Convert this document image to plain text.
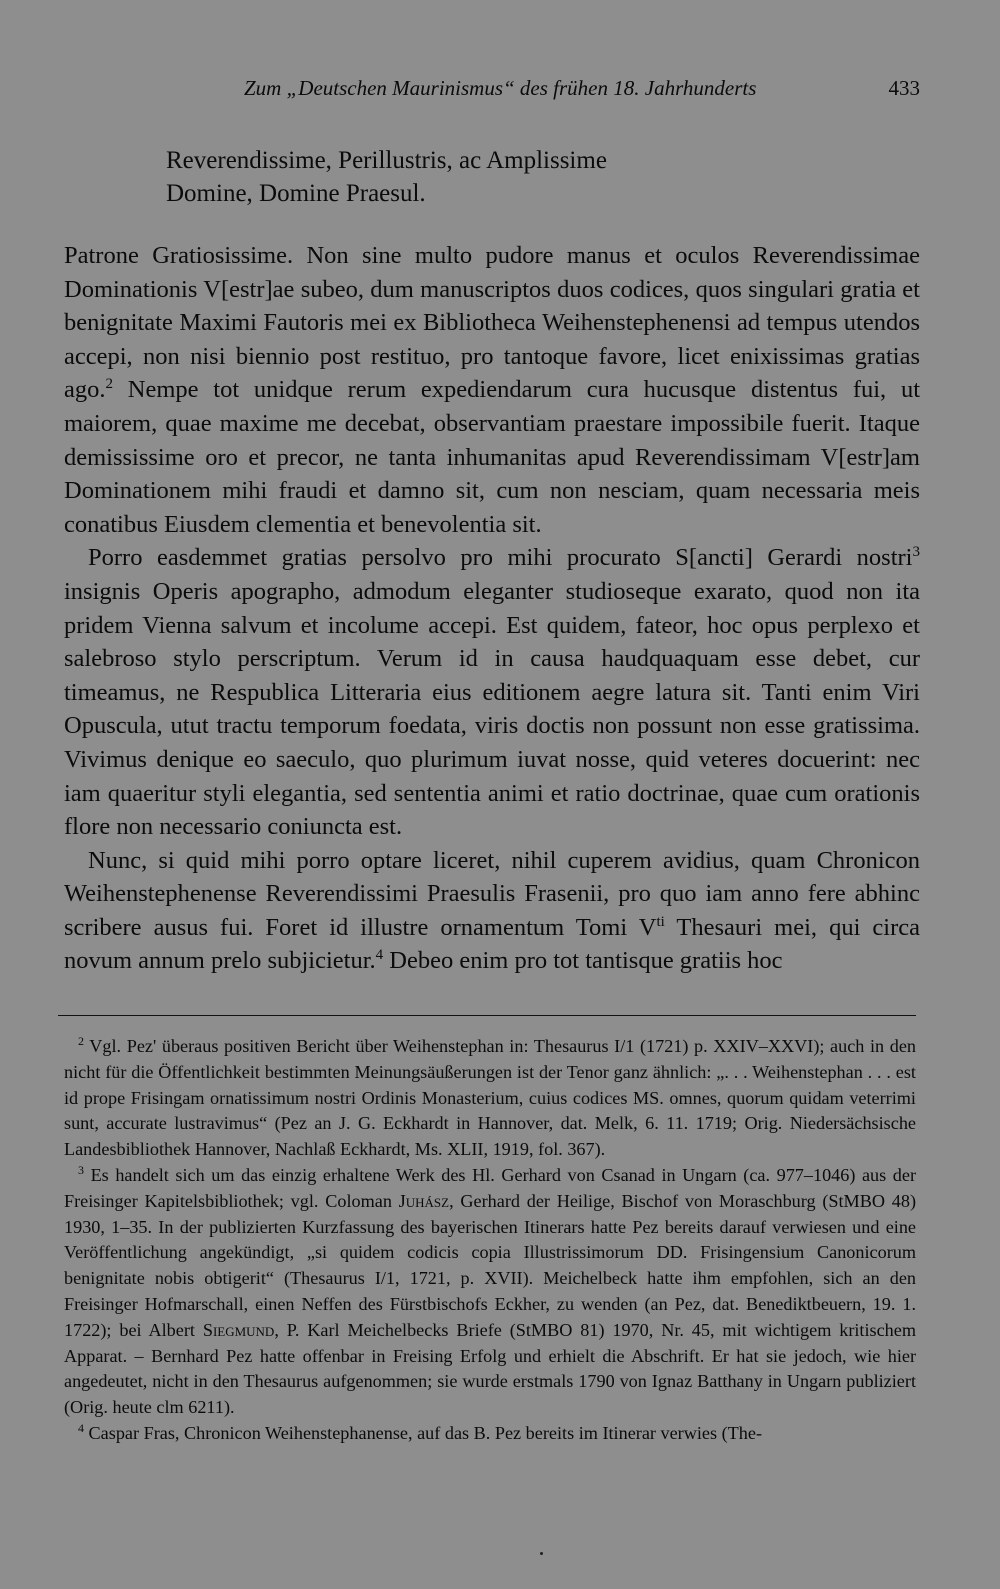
Zum „Deutschen Maurinismus“ des frühen 18. Jahrhunderts	433
Reverendissime, Perillustris, ac Amplissime
Domine, Domine Praesul.

Patrone Gratiosissime. Non sine multo pudore manus et oculos Reverendissimae Dominationis V[estr]ae subeo, dum manuscriptos duos codices, quos singulari gratia et benignitate Maximi Fautoris mei ex Bibliotheca Weihenstephenensi ad tempus utendos accepi, non nisi biennio post restituo, pro tantoque favore, licet enixissimas gratias ago.$^2$ Nempe tot unidque rerum expediendarum cura hucusque distentus fui, ut maiorem, quae maxime me decebat, observantiam praestare impossibile fuerit. Itaque demississime oro et precor, ne tanta inhumanitas apud Reverendissimam V[estr]am Dominationem mihi fraudi et damno sit, cum non nesciam, quam necessaria meis conatibus Eiusdem clementia et benevolentia sit.

Porro easdemmet gratias persolvo pro mihi procurato S[ancti] Gerardi nostri$^3$ insignis Operis apographo, admodum eleganter studioseque exarato, quod non ita pridem Vienna salvum et incolume accepi. Est quidem, fateor, hoc opus perplexo et salebroso stylo perscriptum. Verum id in causa haudquaquam esse debet, cur timeamus, ne Respublica Litteraria eius editionem aegre latura sit. Tanti enim Viri Opuscula, utut tractu temporum foedata, viris doctis non possunt non esse gratissima. Vivimus denique eo saeculo, quo plurimum iuvat nosse, quid veteres docuerint: nec iam quaeritur styli elegantia, sed sententia animi et ratio doctrinae, quae cum orationis flore non necessario coniuncta est.

Nunc, si quid mihi porro optare liceret, nihil cuperem avidius, quam Chronicon Weihenstephenense Reverendissimi Praesulis Frasenii, pro quo iam anno fere abhinc scribere ausus fui. Foret id illustre ornamentum Tomi $V^{ti}$ Thesauri mei, qui circa novum annum prelo subjicietur.$^4$ Debeo enim pro tot tantisque gratiis hoc

$^2$ Vgl. Pez' überaus positiven Bericht über Weihenstephan in: Thesaurus I/1 (1721) p. XXIV–XXVI); auch in den nicht für die Öffentlichkeit bestimmten Meinungsäußerungen ist der Tenor ganz ähnlich: „. . . Weihenstephan . . . est id prope Frisingam ornatissimum nostri Ordinis Monasterium, cuius codices MS. omnes, quorum quidam veterrimi sunt, accurate lustravimus“ (Pez an J. G. Eckhardt in Hannover, dat. Melk, 6. 11. 1719; Orig. Niedersächsische Landesbibliothek Hannover, Nachlaß Eckhardt, Ms. XLII, 1919, fol. 367).

$^3$ Es handelt sich um das einzig erhaltene Werk des Hl. Gerhard von Csanad in Ungarn (ca. 977–1046) aus der Freisinger Kapitelsbibliothek; vgl. Coloman Juhász, Gerhard der Heilige, Bischof von Moraschburg (StMBO 48) 1930, 1–35. In der publizierten Kurzfassung des bayerischen Itinerars hatte Pez bereits darauf verwiesen und eine Veröffentlichung angekündigt, „si quidem codicis copia Illustrissimorum DD. Frisingensium Canonicorum benignitate nobis obtigerit“ (Thesaurus I/1, 1721, p. XVII). Meichelbeck hatte ihm empfohlen, sich an den Freisinger Hofmarschall, einen Neffen des Fürstbischofs Eckher, zu wenden (an Pez, dat. Benediktbeuern, 19. 1. 1722); bei Albert Siegmund, P. Karl Meichelbecks Briefe (StMBO 81) 1970, Nr. 45, mit wichtigem kritischem Apparat. – Bernhard Pez hatte offenbar in Freising Erfolg und erhielt die Abschrift. Er hat sie jedoch, wie hier angedeutet, nicht in den Thesaurus aufgenommen; sie wurde erstmals 1790 von Ignaz Batthany in Ungarn publiziert (Orig. heute clm 6211).

$^4$ Caspar Fras, Chronicon Weihenstephanense, auf das B. Pez bereits im Itinerar verwies (The-
